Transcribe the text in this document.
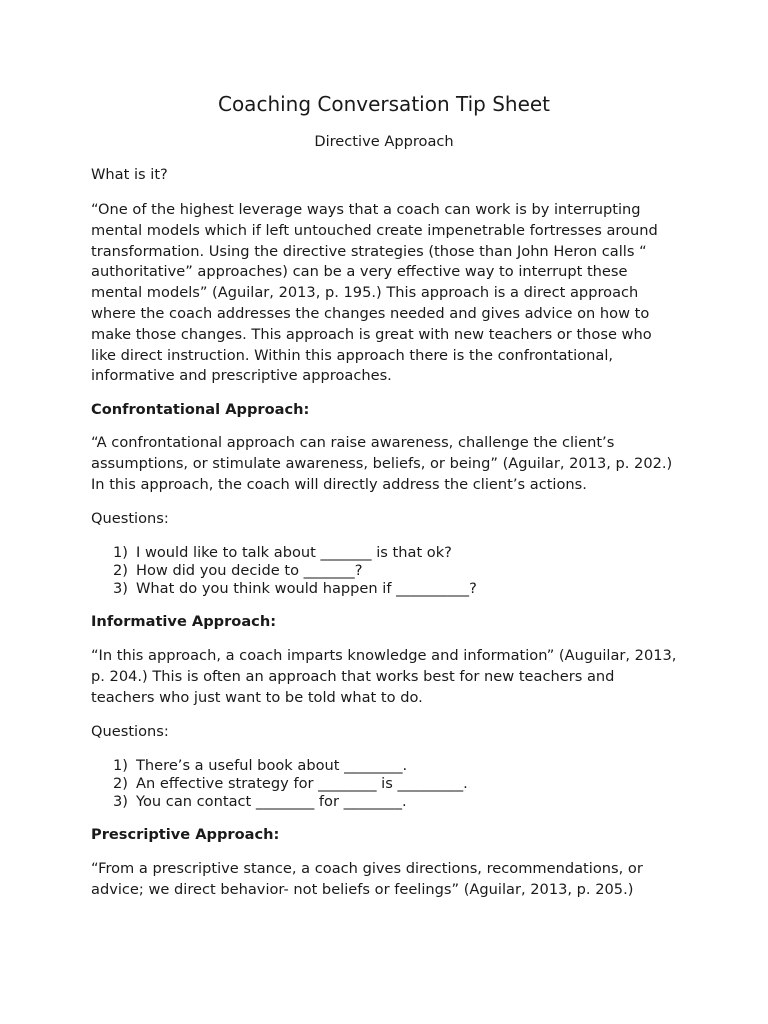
Coaching Conversation Tip Sheet
Directive Approach

What is it?

“One of the highest leverage ways that a coach can work is by interrupting mental models which if left untouched create impenetrable fortresses around transformation. Using the directive strategies (those than John Heron calls “ authoritative” approaches) can be a very effective way to interrupt these mental models” (Aguilar, 2013, p. 195.) This approach is a direct approach where the coach addresses the changes needed and gives advice on how to make those changes. This approach is great with new teachers or those who like direct instruction. Within this approach there is the confrontational, informative and prescriptive approaches.

Confrontational Approach:

“A confrontational approach can raise awareness, challenge the client’s assumptions, or stimulate awareness, beliefs, or being” (Aguilar, 2013, p. 202.) In this approach, the coach will directly address the client’s actions.

Questions:

1) I would like to talk about _______ is that ok?
2) How did you decide to _______?
3) What do you think would happen if __________?

Informative Approach:

“In this approach, a coach imparts knowledge and information” (Auguilar, 2013, p. 204.) This is often an approach that works best for new teachers and teachers who just want to be told what to do.

Questions:

1) There’s a useful book about ________.
2) An effective strategy for ________ is _________.
3) You can contact ________ for ________.

Prescriptive Approach:

“From a prescriptive stance, a coach gives directions, recommendations, or advice; we direct behavior- not beliefs or feelings” (Aguilar, 2013, p. 205.)
